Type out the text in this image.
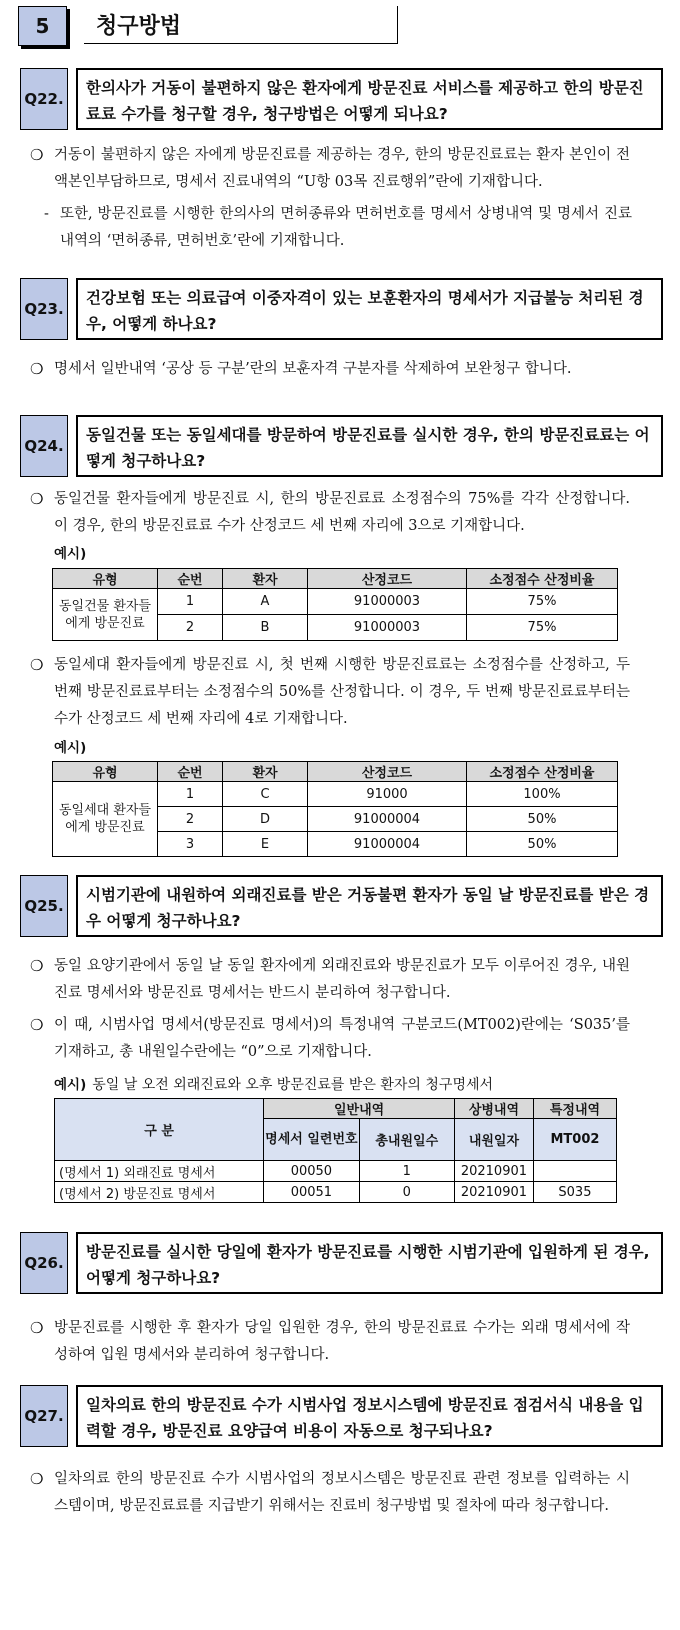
5	청구방법
Q22.
한의사가 거동이 불편하지 않은 환자에게 방문진료 서비스를 제공하고 한의 방문진료료 수가를 청구할 경우, 청구방법은 어떻게 되나요?
❍ 거동이 불편하지 않은 자에게 방문진료를 제공하는 경우, 한의 방문진료료는 환자 본인이 전액본인부담하므로, 명세서 진료내역의 “U항 03목 진료행위”란에 기재합니다.
- 또한, 방문진료를 시행한 한의사의 면허종류와 면허번호를 명세서 상병내역 및 명세서 진료내역의 ‘면허종류, 면허번호’란에 기재합니다.
Q23.
건강보험 또는 의료급여 이중자격이 있는 보훈환자의 명세서가 지급불능 처리된 경우, 어떻게 하나요?
❍ 명세서 일반내역 ‘공상 등 구분’란의 보훈자격 구분자를 삭제하여 보완청구 합니다.
Q24.
동일건물 또는 동일세대를 방문하여 방문진료를 실시한 경우, 한의 방문진료료는 어떻게 청구하나요?
❍ 동일건물 환자들에게 방문진료 시, 한의 방문진료료 소정점수의 75%를 각각 산정합니다. 이 경우, 한의 방문진료료 수가 산정코드 세 번째 자리에 3으로 기재합니다.
예시)
유형	순번	환자	산정코드	소정점수 산정비율
동일건물 환자들에게 방문진료	1	A	91000003	75%
	2	B	91000003	75%
❍ 동일세대 환자들에게 방문진료 시, 첫 번째 시행한 방문진료료는 소정점수를 산정하고, 두 번째 방문진료료부터는 소정점수의 50%를 산정합니다. 이 경우, 두 번째 방문진료료부터는 수가 산정코드 세 번째 자리에 4로 기재합니다.
예시)
유형	순번	환자	산정코드	소정점수 산정비율
동일세대 환자들에게 방문진료	1	C	91000	100%
	2	D	91000004	50%
	3	E	91000004	50%
Q25.
시범기관에 내원하여 외래진료를 받은 거동불편 환자가 동일 날 방문진료를 받은 경우 어떻게 청구하나요?
❍ 동일 요양기관에서 동일 날 동일 환자에게 외래진료와 방문진료가 모두 이루어진 경우, 내원 진료 명세서와 방문진료 명세서는 반드시 분리하여 청구합니다.
❍ 이 때, 시범사업 명세서(방문진료 명세서)의 특정내역 구분코드(MT002)란에는 ‘S035’를 기재하고, 총 내원일수란에는 “0”으로 기재합니다.
예시) 동일 날 오전 외래진료와 오후 방문진료를 받은 환자의 청구명세서
구 분	일반내역		상병내역	특정내역
	명세서 일련번호	총내원일수	내원일자	MT002
(명세서 1) 외래진료 명세서	00050	1	20210901	
(명세서 2) 방문진료 명세서	00051	0	20210901	S035
Q26.
방문진료를 실시한 당일에 환자가 방문진료를 시행한 시범기관에 입원하게 된 경우, 어떻게 청구하나요?
❍ 방문진료를 시행한 후 환자가 당일 입원한 경우, 한의 방문진료료 수가는 외래 명세서에 작성하여 입원 명세서와 분리하여 청구합니다.
Q27.
일차의료 한의 방문진료 수가 시범사업 정보시스템에 방문진료 점검서식 내용을 입력할 경우, 방문진료 요양급여 비용이 자동으로 청구되나요?
❍ 일차의료 한의 방문진료 수가 시범사업의 정보시스템은 방문진료 관련 정보를 입력하는 시스템이며, 방문진료료를 지급받기 위해서는 진료비 청구방법 및 절차에 따라 청구합니다.
